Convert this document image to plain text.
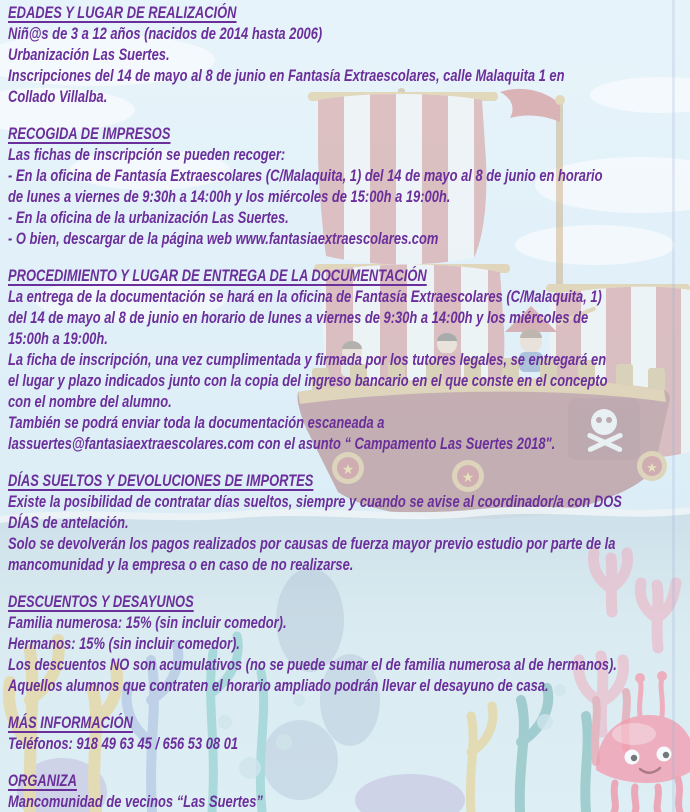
★	★
★
EDADES Y LUGAR DE REALIZACIÓN
Niñ@s de 3 a 12 años (nacidos de 2014 hasta 2006)
Urbanización Las Suertes.
Inscripciones del 14 de mayo al 8 de junio en Fantasía Extraescolares, calle Malaquita 1 en
Collado Villalba.
RECOGIDA DE IMPRESOS
Las fichas de inscripción se pueden recoger:
- En la oficina de Fantasía Extraescolares (C/Malaquita, 1) del 14 de mayo al 8 de junio en horario
de lunes a viernes de 9:30h a 14:00h y los miércoles de 15:00h a 19:00h.
- En la oficina de la urbanización Las Suertes.
- O bien, descargar de la página web www.fantasiaextraescolares.com
PROCEDIMIENTO Y LUGAR DE ENTREGA DE LA DOCUMENTACIÓN
La entrega de la documentación se hará en la oficina de Fantasía Extraescolares (C/Malaquita, 1)
del 14 de mayo al 8 de junio en horario de lunes a viernes de 9:30h a 14:00h y los miércoles de
15:00h a 19:00h.
La ficha de inscripción, una vez cumplimentada y firmada por los tutores legales, se entregará en
el lugar y plazo indicados junto con la copia del ingreso bancario en el que conste en el concepto
con el nombre del alumno.
También se podrá enviar toda la documentación escaneada a
lassuertes@fantasiaextraescolares.com con el asunto “ Campamento Las Suertes 2018".
DÍAS SUELTOS Y DEVOLUCIONES DE IMPORTES
Existe la posibilidad de contratar días sueltos, siempre y cuando se avise al coordinador/a con DOS
DÍAS de antelación.
Solo se devolverán los pagos realizados por causas de fuerza mayor previo estudio por parte de la
mancomunidad y la empresa o en caso de no realizarse.
DESCUENTOS Y DESAYUNOS
Familia numerosa: 15% (sin incluir comedor).
Hermanos: 15% (sin incluir comedor).
Los descuentos NO son acumulativos (no se puede sumar el de familia numerosa al de hermanos).
Aquellos alumnos que contraten el horario ampliado podrán llevar el desayuno de casa.
MÁS INFORMACIÓN
Teléfonos: 918 49 63 45 / 656 53 08 01
ORGANIZA
Mancomunidad de vecinos “Las Suertes”
